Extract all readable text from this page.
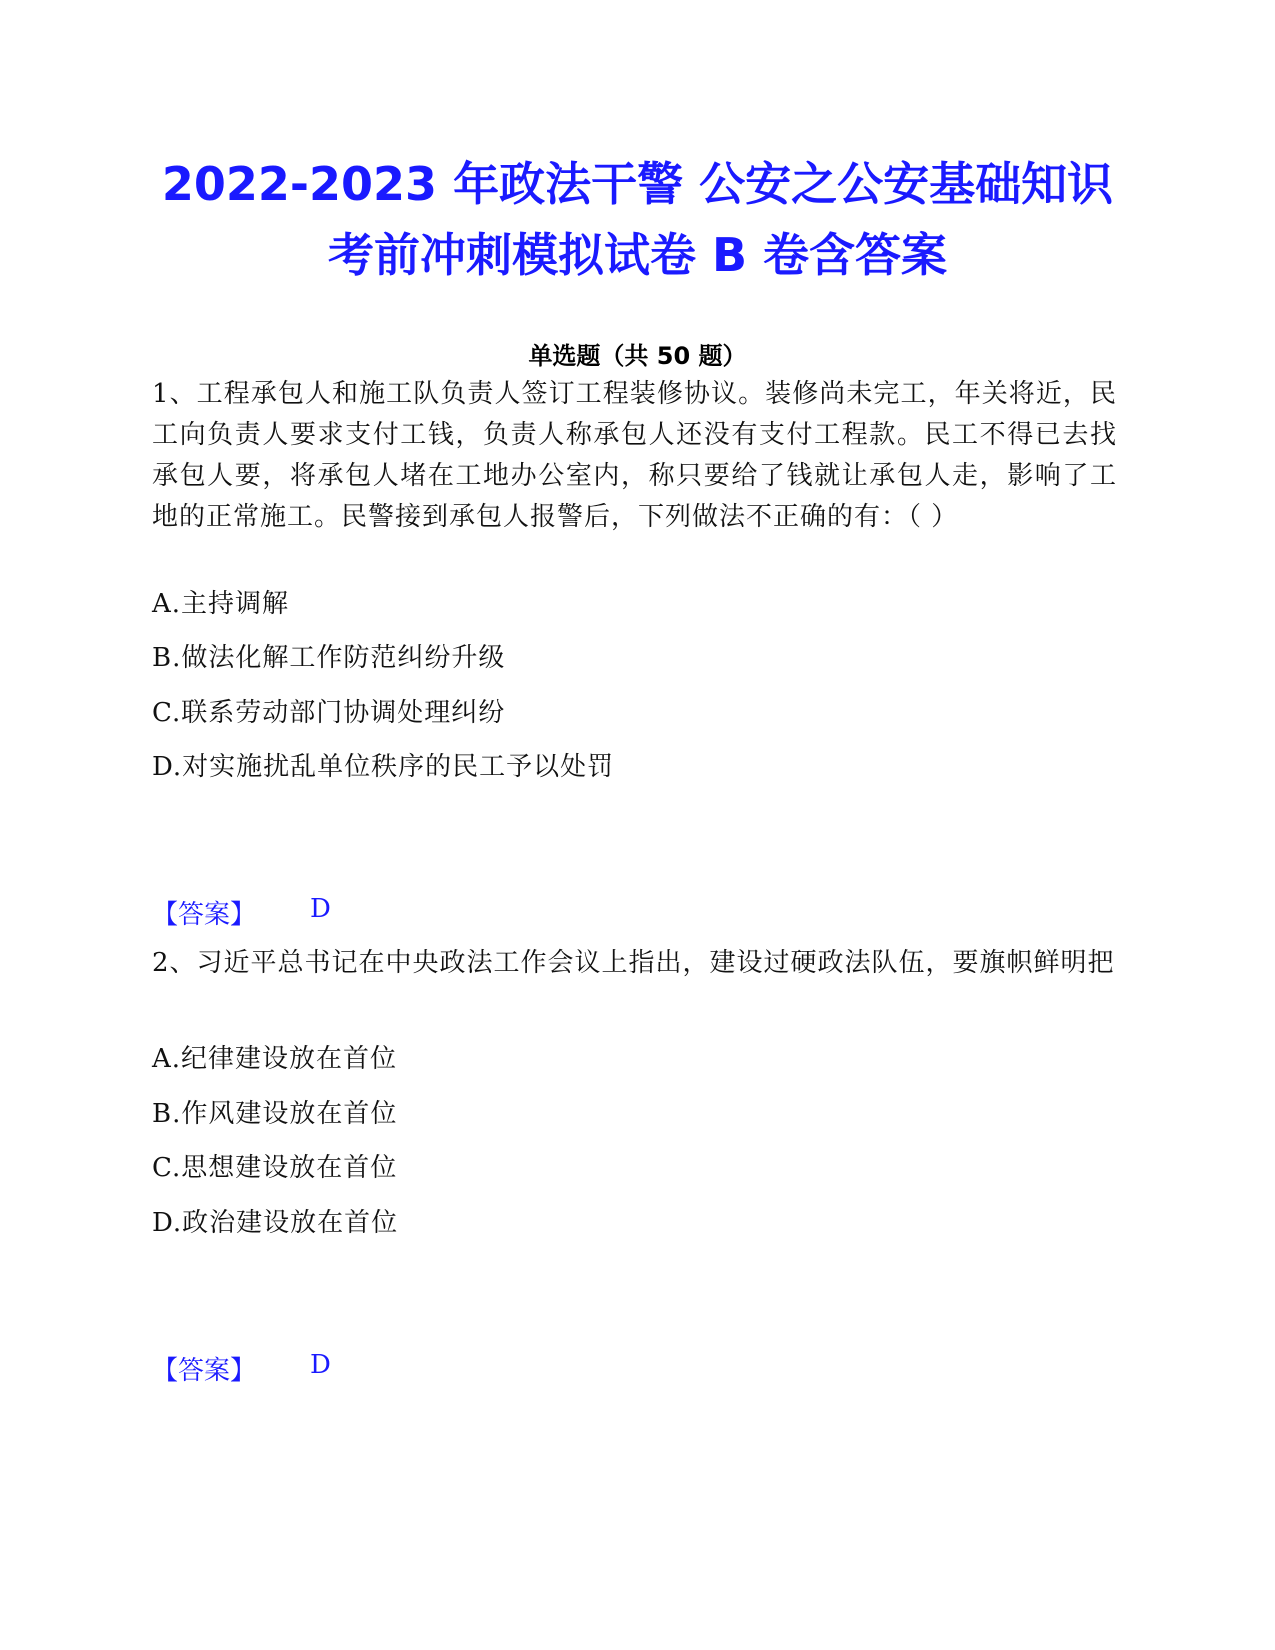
2022-2023 年政法干警 公安之公安基础知识
考前冲刺模拟试卷 B 卷含答案
单选题（共 50 题）
1、工程承包人和施工队负责人签订工程装修协议。装修尚未完工，年关将近，民工向负责人要求支付工钱，负责人称承包人还没有支付工程款。民工不得已去找承包人要，将承包人堵在工地办公室内，称只要给了钱就让承包人走，影响了工地的正常施工。民警接到承包人报警后，下列做法不正确的有：（ ）
A.主持调解
B.做法化解工作防范纠纷升级
C.联系劳动部门协调处理纠纷
D.对实施扰乱单位秩序的民工予以处罚
【答案】 D
2、习近平总书记在中央政法工作会议上指出，建设过硬政法队伍，要旗帜鲜明把
A.纪律建设放在首位
B.作风建设放在首位
C.思想建设放在首位
D.政治建设放在首位
【答案】 D
